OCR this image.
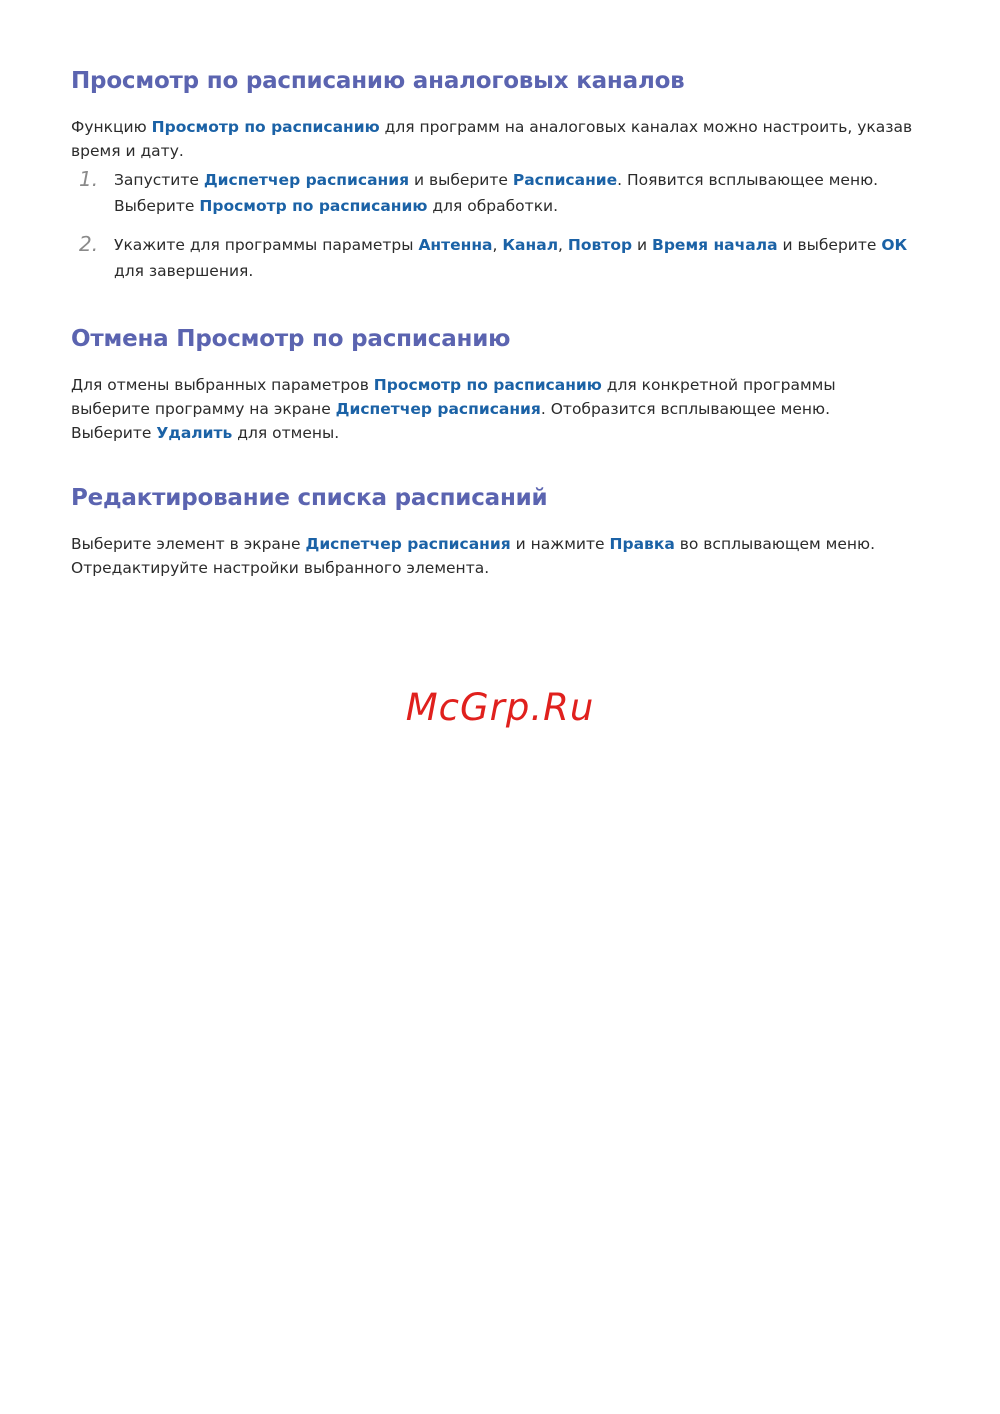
Просмотр по расписанию аналоговых каналов

Функцию Просмотр по расписанию для программ на аналоговых каналах можно настроить, указав время и дату.

1. Запустите Диспетчер расписания и выберите Расписание. Появится всплывающее меню. Выберите Просмотр по расписанию для обработки.
2. Укажите для программы параметры Антенна, Канал, Повтор и Время начала и выберите ОК для завершения.
Отмена Просмотр по расписанию

Для отмены выбранных параметров Просмотр по расписанию для конкретной программы выберите программу на экране Диспетчер расписания. Отобразится всплывающее меню. Выберите Удалить для отмены.

Редактирование списка расписаний

Выберите элемент в экране Диспетчер расписания и нажмите Правка во всплывающем меню. Отредактируйте настройки выбранного элемента.

McGrp.Ru
